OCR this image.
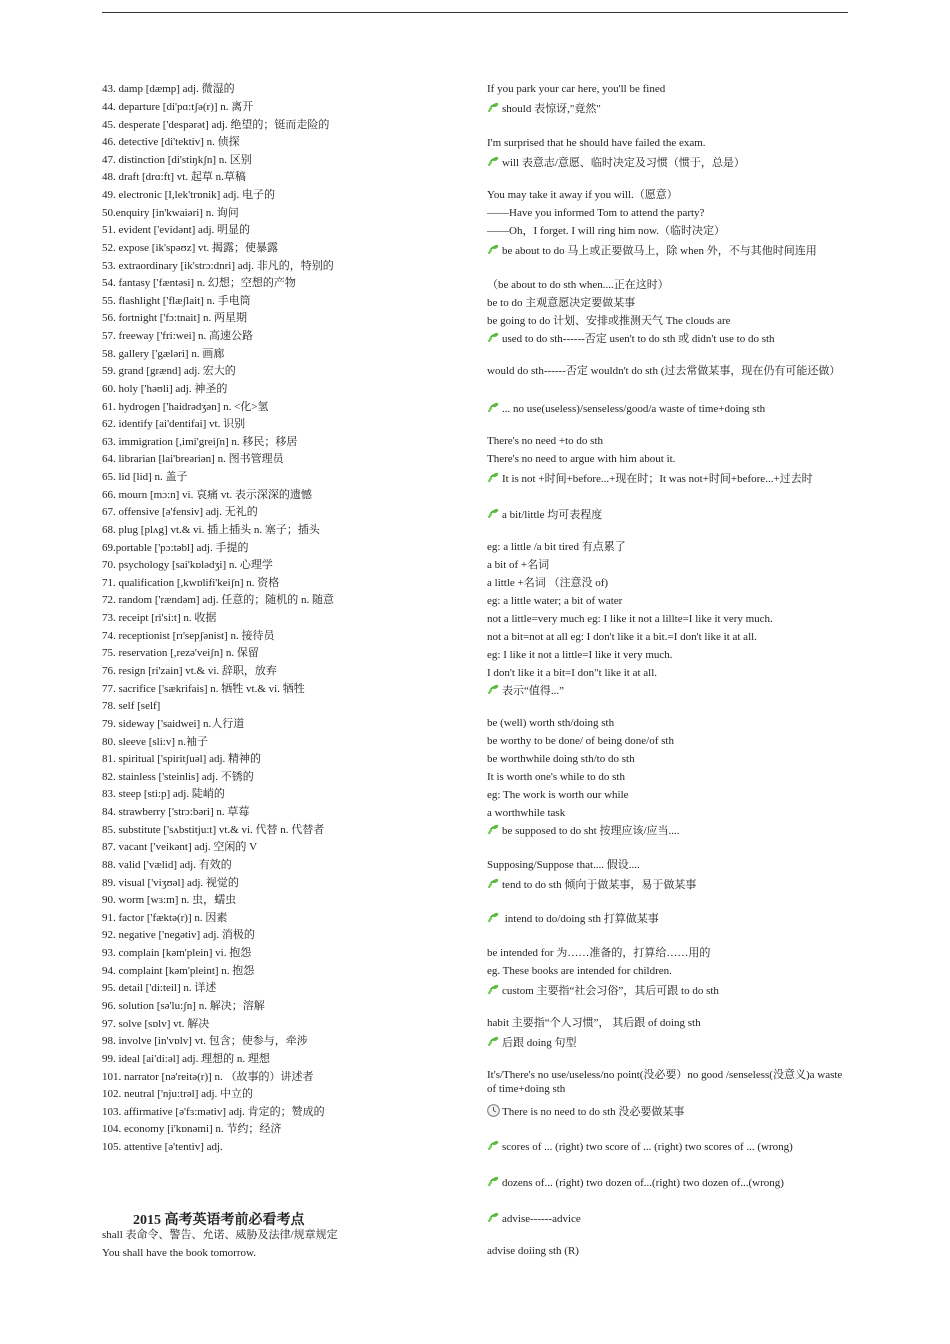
43. damp [dæmp] adj. 微湿的
44. departure [di'pɑ:tʃə(r)] n. 离开
45. desperate ['despərət] adj. 绝望的；铤而走险的
46. detective [di'tektiv] n. 侦探
47. distinction [di'stiŋkʃn] n. 区别
48. draft [drɑ:ft] vt. 起草 n.草稿
49. electronic [I,lek'trɒnik] adj. 电子的
50.enquiry [in'kwaiəri] n. 询问
51. evident ['evidənt] adj. 明显的
52. expose [ik'spəʊz] vt. 揭露；使暴露
53. extraordinary [ik'strɔ:dnri] adj. 非凡的，特别的
54. fantasy ['fæntəsi] n. 幻想；空想的产物
55. flashlight ['flæʃlait] n. 手电筒
56. fortnight ['fɔ:tnait] n. 两星期
57. freeway ['fri:wei] n. 高速公路
58. gallery ['gæləri] n. 画廊
59. grand [grænd] adj. 宏大的
60. holy ['həʊli] adj. 神圣的
61. hydrogen ['haidrədʒən] n. <化>氢
62. identify [ai'dentifai] vt. 识别
63. immigration [,imi'greiʃn] n. 移民；移居
64. librarian [lai'breəriən] n. 图书管理员
65. lid [lid] n. 盖子
66. mourn [mɔ:n] vi. 哀痛 vt. 表示深深的遗憾
67. offensive [ə'fensiv] adj. 无礼的
68. plug [plʌg] vt.& vi. 插上插头 n. 塞子；插头
69.portable ['pɔ:təbl] adj. 手提的
70. psychology [sai'kɒlədʒi] n. 心理学
71. qualification [,kwɒlifi'keiʃn] n. 资格
72. random ['rændəm] adj. 任意的；随机的 n. 随意
73. receipt [ri'si:t] n. 收据
74. receptionist [rɪ'sepʃənist] n. 接待员
75. reservation [,rezə'veiʃn] n. 保留
76. resign [ri'zain] vt.& vi. 辞职，放弃
77. sacrifice ['sækrifais] n. 牺牲 vt.& vi. 牺牲
78. self [self]
79. sideway ['saidwei] n.人行道
80. sleeve [sli:v] n.袖子
81. spiritual ['spiritʃuəl] adj. 精神的
82. stainless ['steinlis] adj. 不锈的
83. steep [sti:p] adj. 陡峭的
84. strawberry ['strɔ:bəri] n. 草莓
85. substitute ['sʌbstitju:t] vt.& vi. 代替 n. 代替者
87. vacant ['veikənt] adj. 空闲的 V
88. valid ['vælid] adj. 有效的
89. visual ['viʒʊəl] adj. 视觉的
90. worm [wɜ:m] n. 虫，蠕虫
91. factor ['fæktə(r)] n. 因素
92. negative ['negətiv] adj. 消极的
93. complain [kəm'plein] vi. 抱怨
94. complaint [kəm'pleint] n. 抱怨
95. detail ['di:teil] n. 详述
96. solution [sə'lu:ʃn] n. 解决；溶解
97. solve [sɒlv] vt. 解决
98. involve [in'vɒlv] vt. 包含；使参与，牵涉
99. ideal [ai'di:əl] adj. 理想的 n. 理想
101. narrator [nə'reitə(r)] n. （故事的）讲述者
102. neutral ['nju:trəl] adj. 中立的
103. affirmative [ə'fɜ:mətiv] adj. 肯定的；赞成的
104. economy [i'kɒnəmi] n. 节约；经济
105. attentive [ə'tentiv] adj.
If you park your car here, you'll be fined
should 表惊讶,"竟然"
I'm surprised that he should have failed the exam.
will 表意志/意愿、临时决定及习惯（惯于，总是）
You may take it away if you will.（愿意）
——Have you informed Tom to attend the party?
——Oh，I forget. I will ring him now.（临时决定）
be about to do 马上或正要做马上，除 when 外，不与其他时间连用
（be about to do sth when....正在这时）
be to do 主观意愿决定要做某事
be going to do 计划、安排或推测天气 The clouds are
used to do sth------否定 usen't to do sth 或 didn't use to do sth
would do sth------否定 wouldn't do sth (过去常做某事，现在仍有可能还做）
... no use(useless)/senseless/good/a waste of time+doing sth
There's no need +to do sth
There's no need to argue with him about it.
It is not +时间+before...+现在时；It was not+时间+before...+过去时
a bit/little 均可表程度
eg: a little /a bit tired 有点累了
a bit of +名词
a little +名词 （注意没 of)
eg: a little water; a bit of water
not a little=very much eg: I like it not a lillte=I like it very much.
not a bit=not at all eg: I don't like it a bit.=I don't like it at all.
eg: I like it not a little=I like it very much.
I don't like it a bit=I don"t like it at all.
表示“值得...”
be (well) worth sth/doing sth
be worthy to be done/ of being done/of sth
be worthwhile doing sth/to do sth
It is worth one's while to do sth
eg: The work is worth our while
a worthwhile task
be supposed to do sht 按理应该/应当....
Supposing/Suppose that.... 假设....
tend to do sth 倾向于做某事，易于做某事
intend to do/doing sth 打算做某事
be intended for 为……准备的，打算给……用的
eg. These books are intended for children.
custom 主要指“社会习俗”，其后可跟 to do sth
habit 主要指“个人习惯”， 其后跟 of doing sth
后跟 doing 句型
It's/There's no use/useless/no point(没必要）no good /senseless(没意义)a waste of time+doing sth
There is no need to do sth 没必要做某事
scores of ... (right) two score of ... (right) two scores of ... (wrong)
dozens of... (right) two dozen of...(right) two dozen of...(wrong)
advise------advice
advise doiing sth (R)
2015 高考英语考前必看考点
shall 表命令、警告、允诺、威胁及法律/规章规定
You shall have the book tomorrow.
